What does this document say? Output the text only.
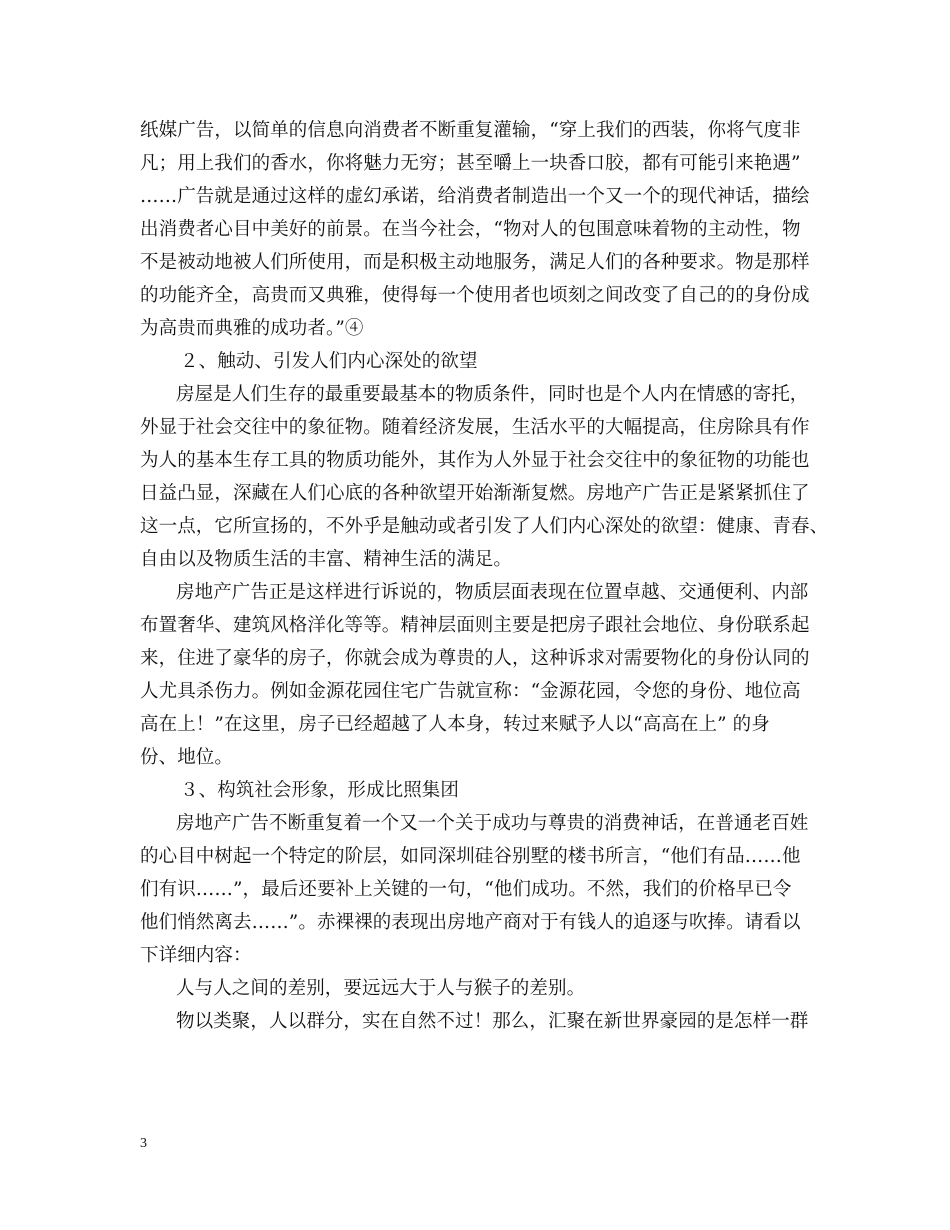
纸媒广告，以简单的信息向消费者不断重复灌输，“穿上我们的西装，你将气度非
凡；用上我们的香水，你将魅力无穷；甚至嚼上一块香口胶，都有可能引来艳遇”
……广告就是通过这样的虚幻承诺，给消费者制造出一个又一个的现代神话，描绘
出消费者心目中美好的前景。在当今社会，“物对人的包围意味着物的主动性，物
不是被动地被人们所使用，而是积极主动地服务，满足人们的各种要求。物是那样
的功能齐全，高贵而又典雅，使得每一个使用者也顷刻之间改变了自己的的身份成
为高贵而典雅的成功者。”④
２、触动、引发人们内心深处的欲望
房屋是人们生存的最重要最基本的物质条件，同时也是个人内在情感的寄托，
外显于社会交往中的象征物。随着经济发展，生活水平的大幅提高，住房除具有作
为人的基本生存工具的物质功能外，其作为人外显于社会交往中的象征物的功能也
日益凸显，深藏在人们心底的各种欲望开始渐渐复燃。房地产广告正是紧紧抓住了
这一点，它所宣扬的，不外乎是触动或者引发了人们内心深处的欲望：健康、青春、
自由以及物质生活的丰富、精神生活的满足。
房地产广告正是这样进行诉说的，物质层面表现在位置卓越、交通便利、内部
布置奢华、建筑风格洋化等等。精神层面则主要是把房子跟社会地位、身份联系起
来，住进了豪华的房子，你就会成为尊贵的人，这种诉求对需要物化的身份认同的
人尤具杀伤力。例如金源花园住宅广告就宣称：“金源花园，令您的身份、地位高
高在上！”在这里，房子已经超越了人本身，转过来赋予人以“高高在上” 的身
份、地位。
３、构筑社会形象，形成比照集团
房地产广告不断重复着一个又一个关于成功与尊贵的消费神话，在普通老百姓
的心目中树起一个特定的阶层，如同深圳硅谷别墅的楼书所言，“他们有品……他
们有识……”，最后还要补上关键的一句，“他们成功。不然，我们的价格早已令
他们悄然离去……”。赤裸裸的表现出房地产商对于有钱人的追逐与吹捧。请看以
下详细内容：
人与人之间的差别，要远远大于人与猴子的差别。
物以类聚，人以群分，实在自然不过！那么，汇聚在新世界豪园的是怎样一群
3
